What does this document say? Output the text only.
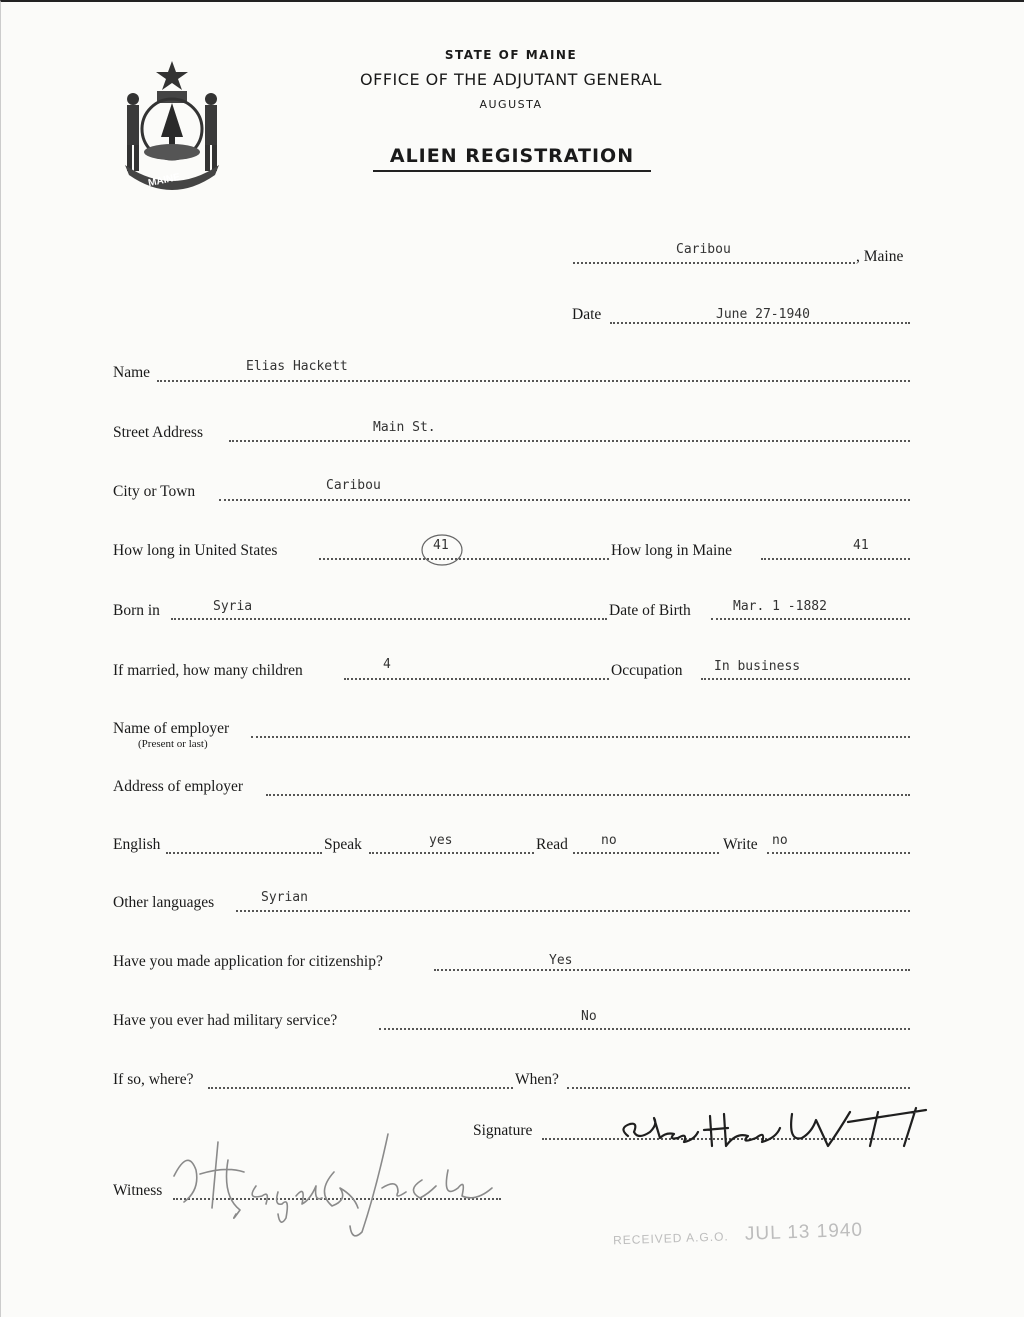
MAINE
STATE OF MAINE
OFFICE OF THE ADJUTANT GENERAL
AUGUSTA
ALIEN REGISTRATION
Caribou	, Maine
Date	June 27-1940
Name	Elias Hackett
Street Address	Main St.
City or Town	Caribou
How long in United States	41	How long in Maine	41
Born in	Syria	Date of Birth	Mar. 1 -1882
If married, how many children	4	Occupation In business
Name of employer
(Present or last)
Address of employer
English	Speak	yes	Read	no	Write no
Other languages	Syrian
Have you made application for citizenship?	Yes
Have you ever had military service?	No
If so, where?	When?
Signature
Witness
RECEIVED A.G.O. JUL 13 1940
